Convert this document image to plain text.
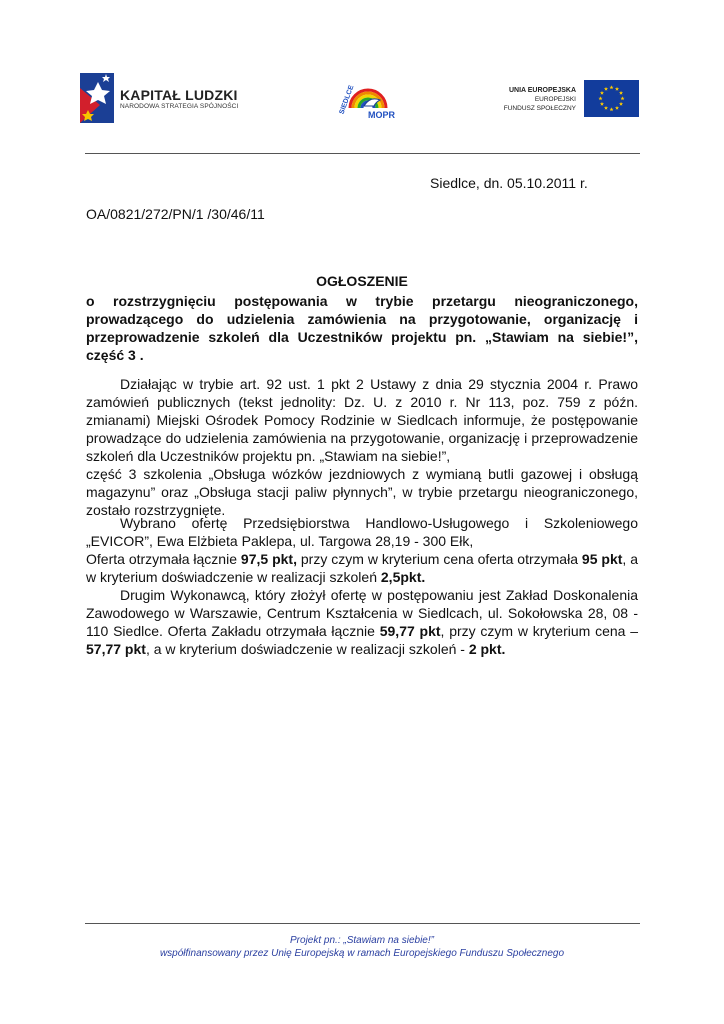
KAPITAŁ LUDZKI
NARODOWA STRATEGIA SPÓJNOŚCI	SIEDLCE MOPR
UNIA EUROPEJSKA
EUROPEJSKI
FUNDUSZ SPOŁECZNY
Siedlce, dn. 05.10.2011 r.
OA/0821/272/PN/1 /30/46/11
OGŁOSZENIE
o rozstrzygnięciu postępowania w trybie przetargu nieograniczonego, prowadzącego do udzielenia zamówienia na przygotowanie, organizację i przeprowadzenie szkoleń dla Uczestników projektu pn. „Stawiam na siebie!”, część 3 .
Działając w trybie art. 92 ust. 1 pkt 2 Ustawy z dnia 29 stycznia 2004 r. Prawo zamówień publicznych (tekst jednolity: Dz. U. z 2010 r. Nr 113, poz. 759 z późn. zmianami) Miejski Ośrodek Pomocy Rodzinie w Siedlcach informuje, że postępowanie prowadzące do udzielenia zamówienia na przygotowanie, organizację i przeprowadzenie szkoleń dla Uczestników projektu pn. „Stawiam na siebie!”,
część 3 szkolenia „Obsługa wózków jezdniowych z wymianą butli gazowej i obsługą magazynu” oraz „Obsługa stacji paliw płynnych”, w trybie przetargu nieograniczonego, zostało rozstrzygnięte.
Wybrano ofertę Przedsiębiorstwa Handlowo-Usługowego i Szkoleniowego „EVICOR”, Ewa Elżbieta Paklepa, ul. Targowa 28,19 - 300 Ełk,
Oferta otrzymała łącznie 97,5 pkt, przy czym w kryterium cena oferta otrzymała 95 pkt, a w kryterium doświadczenie w realizacji szkoleń 2,5pkt.
Drugim Wykonawcą, który złożył ofertę w postępowaniu jest Zakład Doskonalenia Zawodowego w Warszawie, Centrum Kształcenia w Siedlcach, ul. Sokołowska 28, 08 - 110 Siedlce. Oferta Zakładu otrzymała łącznie 59,77 pkt, przy czym w kryterium cena – 57,77 pkt, a w kryterium doświadczenie w realizacji szkoleń - 2 pkt.
Projekt pn.: „Stawiam na siebie!”
współfinansowany przez Unię Europejską w ramach Europejskiego Funduszu Społecznego
